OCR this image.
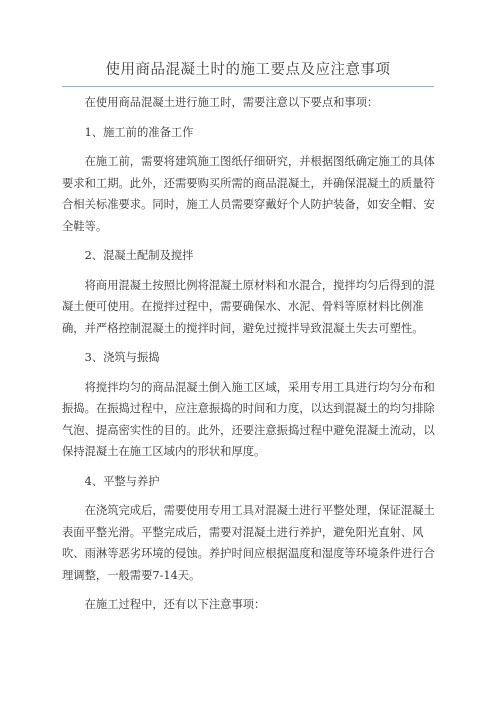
使用商品混凝土时的施工要点及应注意事项

在使用商品混凝土进行施工时，需要注意以下要点和事项：

1、施工前的准备工作

在施工前，需要将建筑施工图纸仔细研究，并根据图纸确定施工的具体要求和工期。此外，还需要购买所需的商品混凝土，并确保混凝土的质量符合相关标准要求。同时，施工人员需要穿戴好个人防护装备，如安全帽、安全鞋等。

2、混凝土配制及搅拌

将商用混凝土按照比例将混凝土原材料和水混合，搅拌均匀后得到的混凝土便可使用。在搅拌过程中，需要确保水、水泥、骨料等原材料比例准确，并严格控制混凝土的搅拌时间，避免过搅拌导致混凝土失去可塑性。

3、浇筑与振捣

将搅拌均匀的商品混凝土倒入施工区域，采用专用工具进行均匀分布和振捣。在振捣过程中，应注意振捣的时间和力度，以达到混凝土的均匀排除气泡、提高密实性的目的。此外，还要注意振捣过程中避免混凝土流动，以保持混凝土在施工区域内的形状和厚度。

4、平整与养护

在浇筑完成后，需要使用专用工具对混凝土进行平整处理，保证混凝土表面平整光滑。平整完成后，需要对混凝土进行养护，避免阳光直射、风吹、雨淋等恶劣环境的侵蚀。养护时间应根据温度和湿度等环境条件进行合理调整，一般需要7-14天。

在施工过程中，还有以下注意事项：
